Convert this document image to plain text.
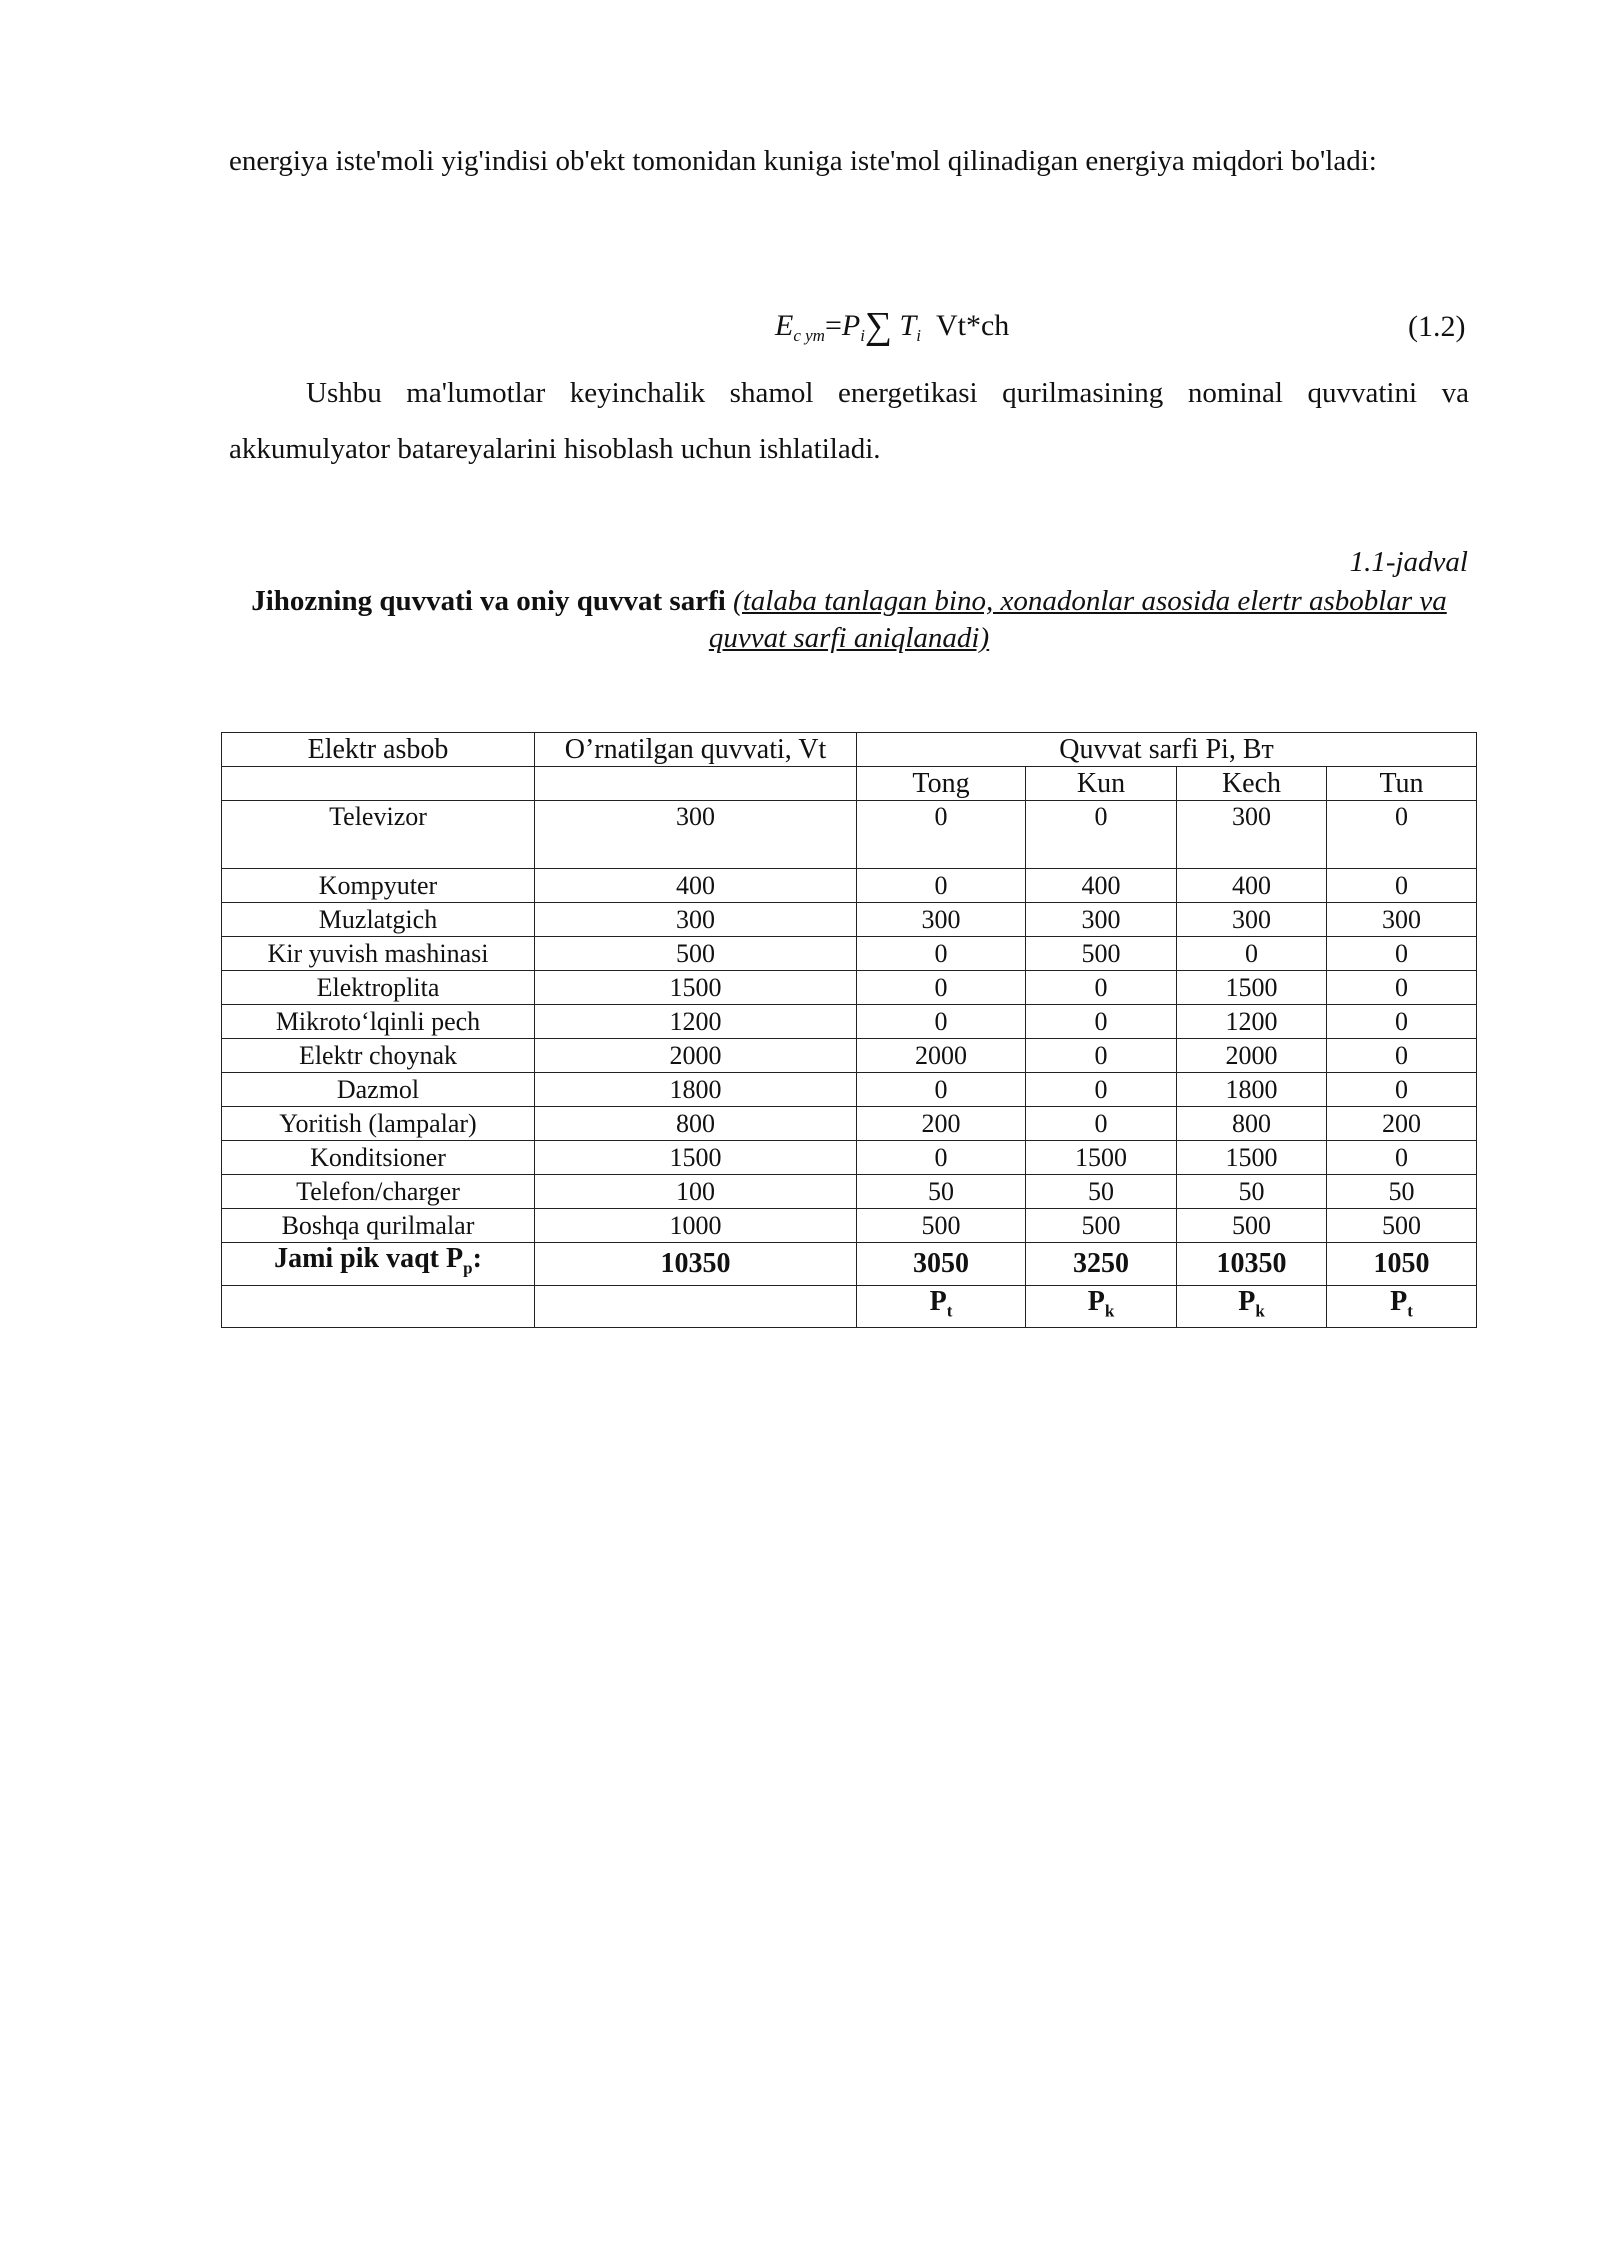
energiya iste'moli yig'indisi ob'ekt tomonidan kuniga iste'mol qilinadigan energiya miqdori bo'ladi:
$E_{c ym}=P_i\sum$ $T_i$ Vt*ch	(1.2)
Ushbu ma'lumotlar keyinchalik shamol energetikasi qurilmasining nominal quvvatini va akkumulyator batareyalarini hisoblash uchun ishlatiladi.
1.1-jadval
Jihozning quvvati va oniy quvvat sarfi (talaba tanlagan bino, xonadonlar asosida elertr asboblar va quvvat sarfi aniqlanadi)
Elektr asbob	O’rnatilgan quvvati, Vt	Quvvat sarfi Pi, Вт			
		Tong	Kun	Kech	Tun
Televizor	300	0	0	300	0
Kompyuter	400	0	400	400	0
Muzlatgich	300	300	300	300	300
Kir yuvish mashinasi	500	0	500	0	0
Elektroplita	1500	0	0	1500	0
Mikroto‘lqinli pech	1200	0	0	1200	0
Elektr choynak	2000	2000	0	2000	0
Dazmol	1800	0	0	1800	0
Yoritish (lampalar)	800	200	0	800	200
Konditsioner	1500	0	1500	1500	0
Telefon/charger	100	50	50	50	50
Boshqa qurilmalar	1000	500	500	500	500
Jami pik vaqt $P_p$:	10350	3050	3250	10350	1050
		$P_t$	$P_k$	$P_k$	$P_t$
